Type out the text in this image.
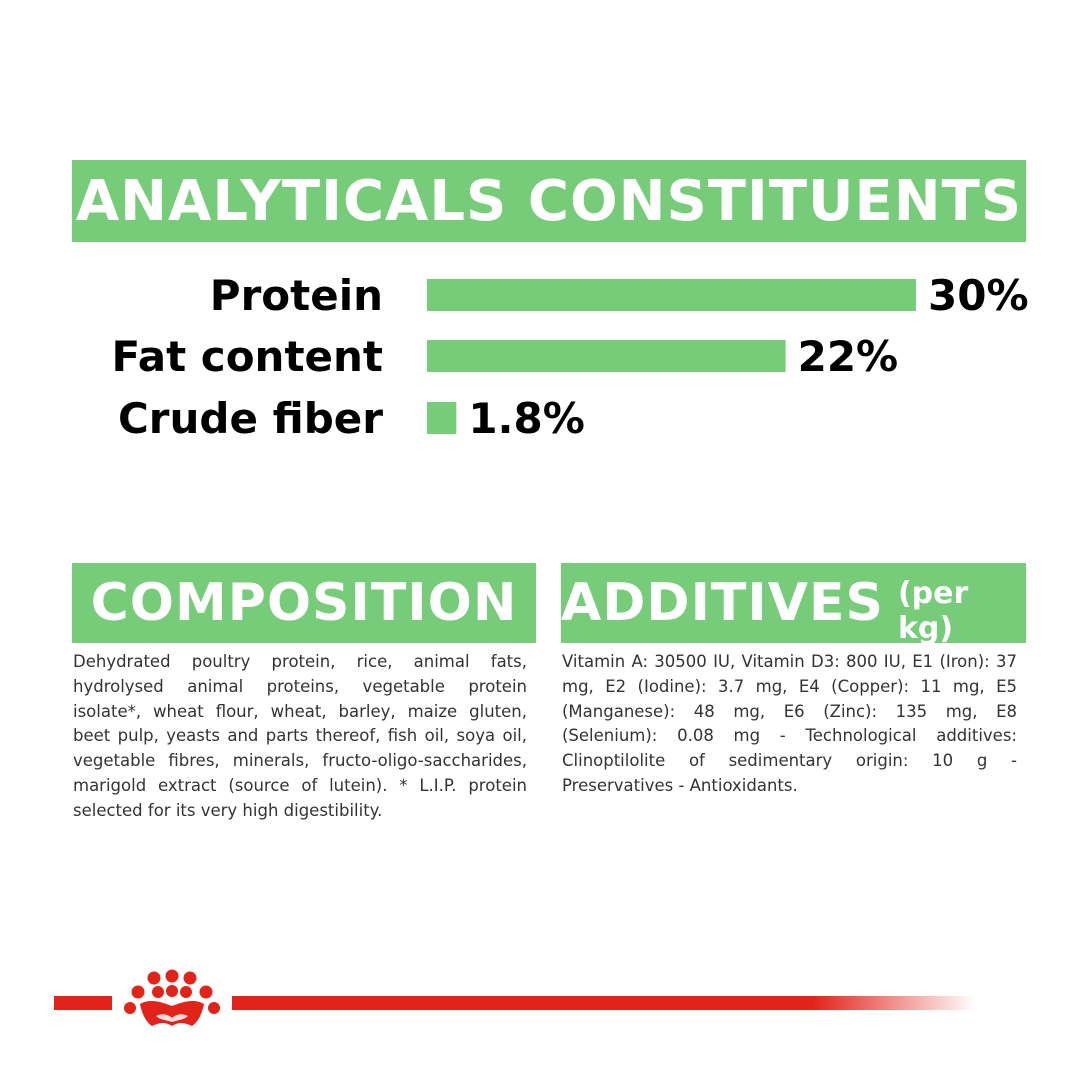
ANALYTICALS CONSTITUENTS
Protein	30%
Fat content	22%
Crude fiber 1.8%
COMPOSITION ADDITIVES (per kg)

Dehydrated poultry protein, rice, animal fats, hydrolysed animal proteins, vegetable protein isolate*, wheat flour, wheat, barley, maize gluten, beet pulp, yeasts and parts thereof, fish oil, soya oil, vegetable fibres, minerals, fructo-oligo-saccharides, marigold extract (source of lutein). * L.I.P. protein selected for its very high digestibility.

Vitamin A: 30500 IU, Vitamin D3: 800 IU, E1 (Iron): 37 mg, E2 (Iodine): 3.7 mg, E4 (Copper): 11 mg, E5 (Manganese): 48 mg, E6 (Zinc): 135 mg, E8 (Selenium): 0.08 mg - Technological additives: Clinoptilolite of sedimentary origin: 10 g - Preservatives - Antioxidants.
